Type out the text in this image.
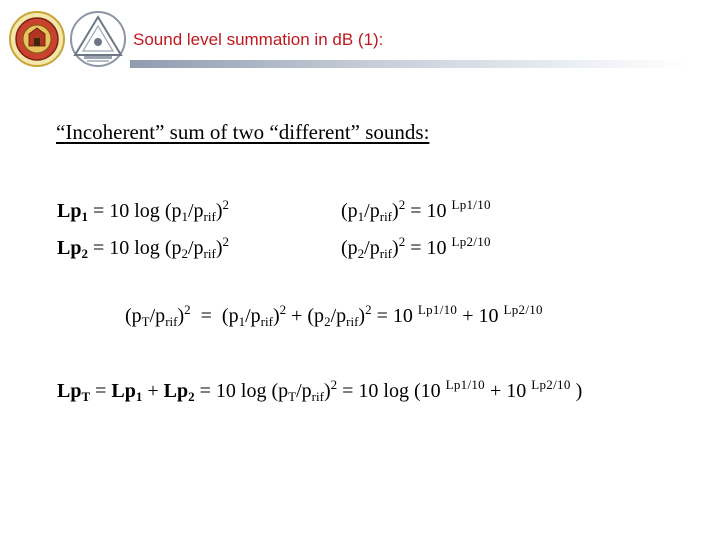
Sound level summation in dB (1):
“Incoherent” sum of two “different” sounds:
$Lp_1 = 10$ $\log (p_1/p_{rif})^2$	$(p_1/p_{rif})^2 = 10$ $^{Lp1/10}$
$Lp_2 = 10$ $\log (p_2/p_{rif})^2$	$(p_2/p_{rif})^2 = 10$ $^{Lp2/10}$
$(p_T/p_{rif})^2 = (p_1/p_{rif})^2 + (p_2/p_{rif})^2 = 10$ $^{Lp1/10}$ + 10 $^{Lp2/10}$
$Lp_T = Lp_1 + Lp_2 = 10$ $\log (p_T/p_{rif})^2 = 10$ log (10 $^{Lp1/10}$ + 10 $^{Lp2/10}$ )
